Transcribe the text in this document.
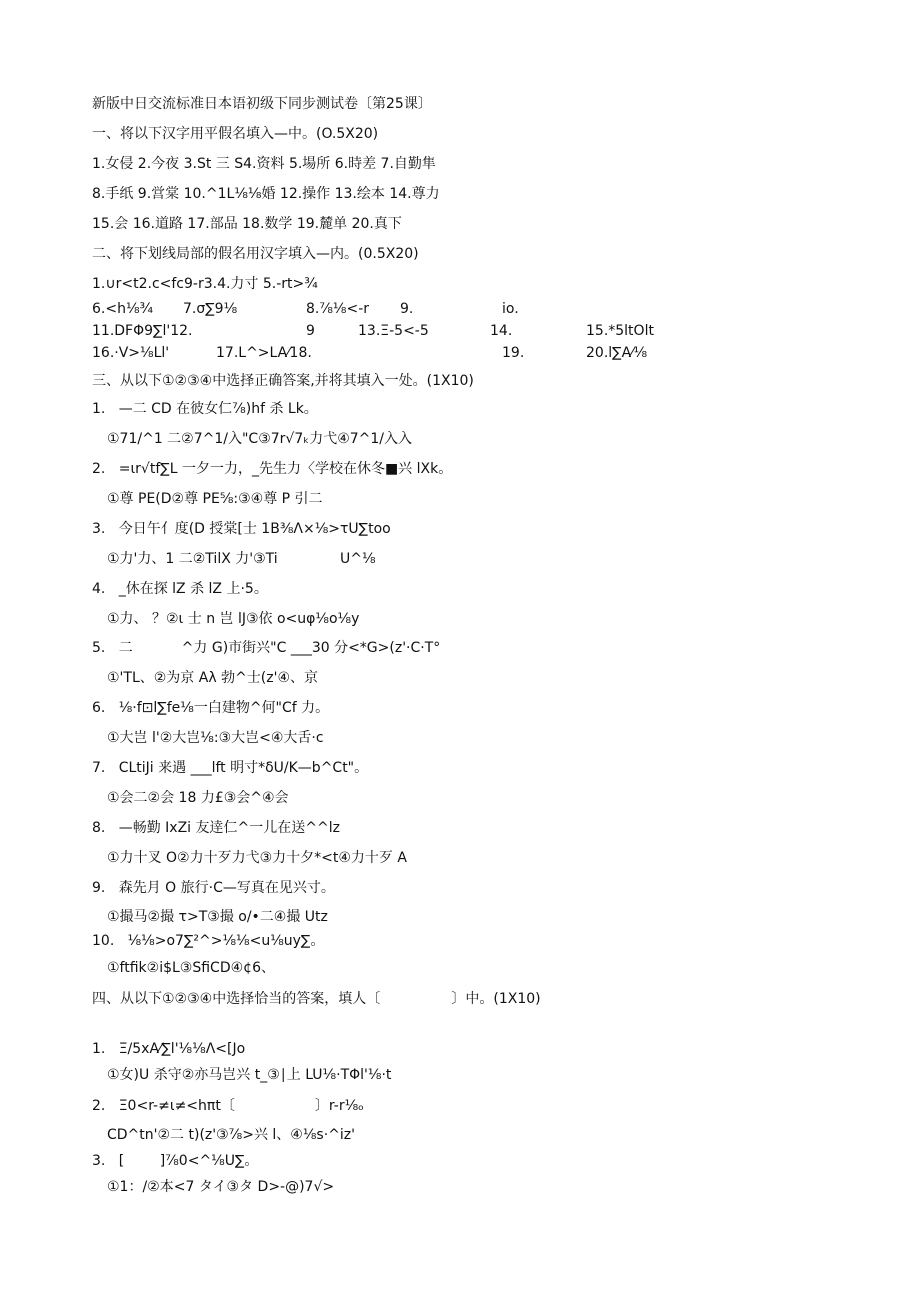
新版中日交流标准日本语初级下同步测试卷〔第25课〕
一、将以下汉字用平假名填入—中。(O.5X20)
1.女侵 2.今夜 3.St 三 S4.资料 5.場所 6.時差 7.自勤隼
8.手纸 9.営棠 10.^1L⅛⅛婚 12.操作 13.绘本 14.尊力
15.会 16.道路 17.部品 18.数学 19.麓单 20.真下
二、将下划线局部的假名用汉字填入—内。(0.5X20)
1.∪r<t2.c<fc9-r3.4.力寸 5.-rt>¾
6.<h⅛¾ 7.σ∑9⅛	8.⅞⅛<-r 9.	io.
11.DFΦ9∑l'12.	9	13.Ξ-5<-5	14.	15.*5ltOlt
16.·V>⅛Ll'	17.L^>LA⁄18.	19.	20.l∑A⁄⅛
三、从以下①②③④中选择正确答案,并将其填入一处。(1X10)
1.   —二 CD 在彼女仁⅞)hf 杀 Lk。
①71/^1 二②7^1/入"C③7r√7ₖ力弋④7^1/入入
2.   =ιr√tf∑L 一夕一力，_先生力〈学校在休冬■兴 lXk。
①尊 PE(D②尊 PE⅝:③④尊 P 引二
3.   今日午亻度(D 授棠[士 1B⅜Λ×⅛>τU∑too
①力'力、1 二②TilX 力'③Ti              U^⅛
4.   _休在探 lZ 杀 lZ 上·5。
①力、 ？②ι 士 n 岂 lJ③依 o<uφ⅛o⅛y
5.   二           ^力 G)市街兴"C ___30 分<*G>(z'·C·T°
①'TL、②为京 Aλ 勃^士(z'④、京
6.   ⅛·f⊡l∑fe⅛一白建物^何"Cf 力。
①大岂 l'②大岂⅛:③大岂<④大舌·c
7.   CLtiJi 来遇 ___lft 明寸*δU/K—b^Ct"。
①会二②会 18 力£③会^④会
8.   —畅勤 IxZi 友逹仁^一儿在送^^lz
①力十叉 O②力十歹力弋③力十夕*<t④力十歹 A
9.   森先月 O 旅行·C—写真在见兴寸。
①撮马②撮 τ>T③撮 o/•二④撮 Utz
10.   ⅛⅛>o7∑²^>⅛⅛<u⅛uy∑。
①ftfik②i$L③SfiCD④¢6、
四、从以下①②③④中选择恰当的答案，填人〔                〕中。(1X10)
1.   Ξ/5xA⁄∑l'⅛⅛Λ<[Jo
①女)U 杀守②亦马岂兴 t_③∣上 LU⅛·TΦl'⅛·t
2.   Ξ0<r-≠ι≠<hπt〔                  〕r-r⅛ₒ
CD^tn'②二 t)(z'③⅞>兴 l、④⅛s·^iz'
3.   [        ]⅞0<^⅛U∑。
①1：/②本<7 タイ③タ D>-@)7√>
